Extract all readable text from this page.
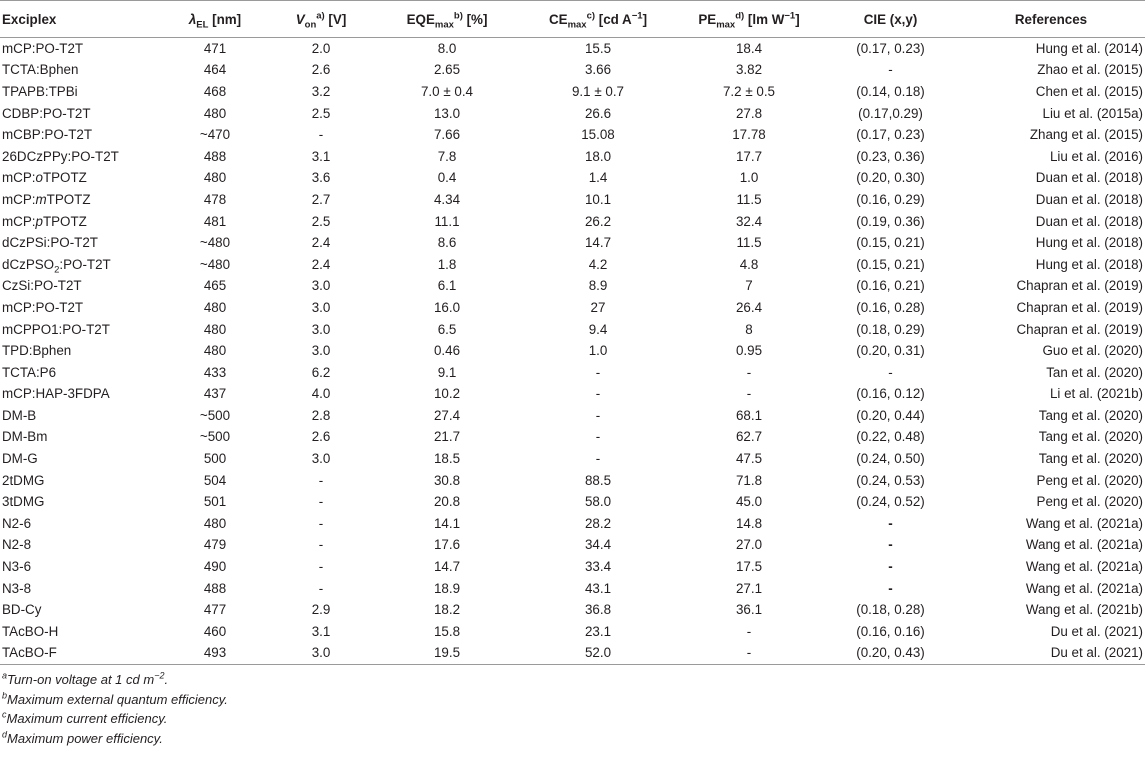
Exciplex	$\lambda_{EL}$ [nm]	$V_{on}^{a)}$ [V]	$EQE_{max}^{b)}$ [%]	$CE_{max}^{c)}$ [cd $A^{-1}$]	$PE_{max}^{d)}$ [lm $W^{-1}$]	CIE (x,y)	References
mCP:PO-T2T	471	2.0	8.0	15.5	18.4	(0.17, 0.23)	Hung et al. (2014)
TCTA:Bphen	464	2.6	2.65	3.66	3.82	-	Zhao et al. (2015)
TPAPB:TPBi	468	3.2	7.0 ± 0.4	9.1 ± 0.7	7.2 ± 0.5	(0.14, 0.18)	Chen et al. (2015)
CDBP:PO-T2T	480	2.5	13.0	26.6	27.8	(0.17,0.29)	Liu et al. (2015a)
mCBP:PO-T2T	~470	-	7.66	15.08	17.78	(0.17, 0.23)	Zhang et al. (2015)
26DCzPPy:PO-T2T	488	3.1	7.8	18.0	17.7	(0.23, 0.36)	Liu et al. (2016)
mCP:oTPOTZ	480	3.6	0.4	1.4	1.0	(0.20, 0.30)	Duan et al. (2018)
mCP:mTPOTZ	478	2.7	4.34	10.1	11.5	(0.16, 0.29)	Duan et al. (2018)
mCP:pTPOTZ	481	2.5	11.1	26.2	32.4	(0.19, 0.36)	Duan et al. (2018)
dCzPSi:PO-T2T	~480	2.4	8.6	14.7	11.5	(0.15, 0.21)	Hung et al. (2018)
dCzPSO$_2$:PO-T2T	~480	2.4	1.8	4.2	4.8	(0.15, 0.21)	Hung et al. (2018)
CzSi:PO-T2T	465	3.0	6.1	8.9	7	(0.16, 0.21)	Chapran et al. (2019)
mCP:PO-T2T	480	3.0	16.0	27	26.4	(0.16, 0.28)	Chapran et al. (2019)
mCPPO1:PO-T2T	480	3.0	6.5	9.4	8	(0.18, 0.29)	Chapran et al. (2019)
TPD:Bphen	480	3.0	0.46	1.0	0.95	(0.20, 0.31)	Guo et al. (2020)
TCTA:P6	433	6.2	9.1	-	-	-	Tan et al. (2020)
mCP:HAP-3FDPA	437	4.0	10.2	-	-	(0.16, 0.12)	Li et al. (2021b)
DM-B	~500	2.8	27.4	-	68.1	(0.20, 0.44)	Tang et al. (2020)
DM-Bm	~500	2.6	21.7	-	62.7	(0.22, 0.48)	Tang et al. (2020)
DM-G	500	3.0	18.5	-	47.5	(0.24, 0.50)	Tang et al. (2020)
2tDMG	504	-	30.8	88.5	71.8	(0.24, 0.53)	Peng et al. (2020)
3tDMG	501	-	20.8	58.0	45.0	(0.24, 0.52)	Peng et al. (2020)
N2-6	480	-	14.1	28.2	14.8	-	Wang et al. (2021a)
N2-8	479	-	17.6	34.4	27.0	-	Wang et al. (2021a)
N3-6	490	-	14.7	33.4	17.5	-	Wang et al. (2021a)
N3-8	488	-	18.9	43.1	27.1	-	Wang et al. (2021a)
BD-Cy	477	2.9	18.2	36.8	36.1	(0.18, 0.28)	Wang et al. (2021b)
TAcBO-H	460	3.1	15.8	23.1	-	(0.16, 0.16)	Du et al. (2021)
TAcBO-F	493	3.0	19.5	52.0	-	(0.20, 0.43)	Du et al. (2021)
$^a$Turn-on voltage at 1 cd $m^{-2}$.
$^b$Maximum external quantum efficiency.
$^c$Maximum current efficiency.
$^d$Maximum power efficiency.
